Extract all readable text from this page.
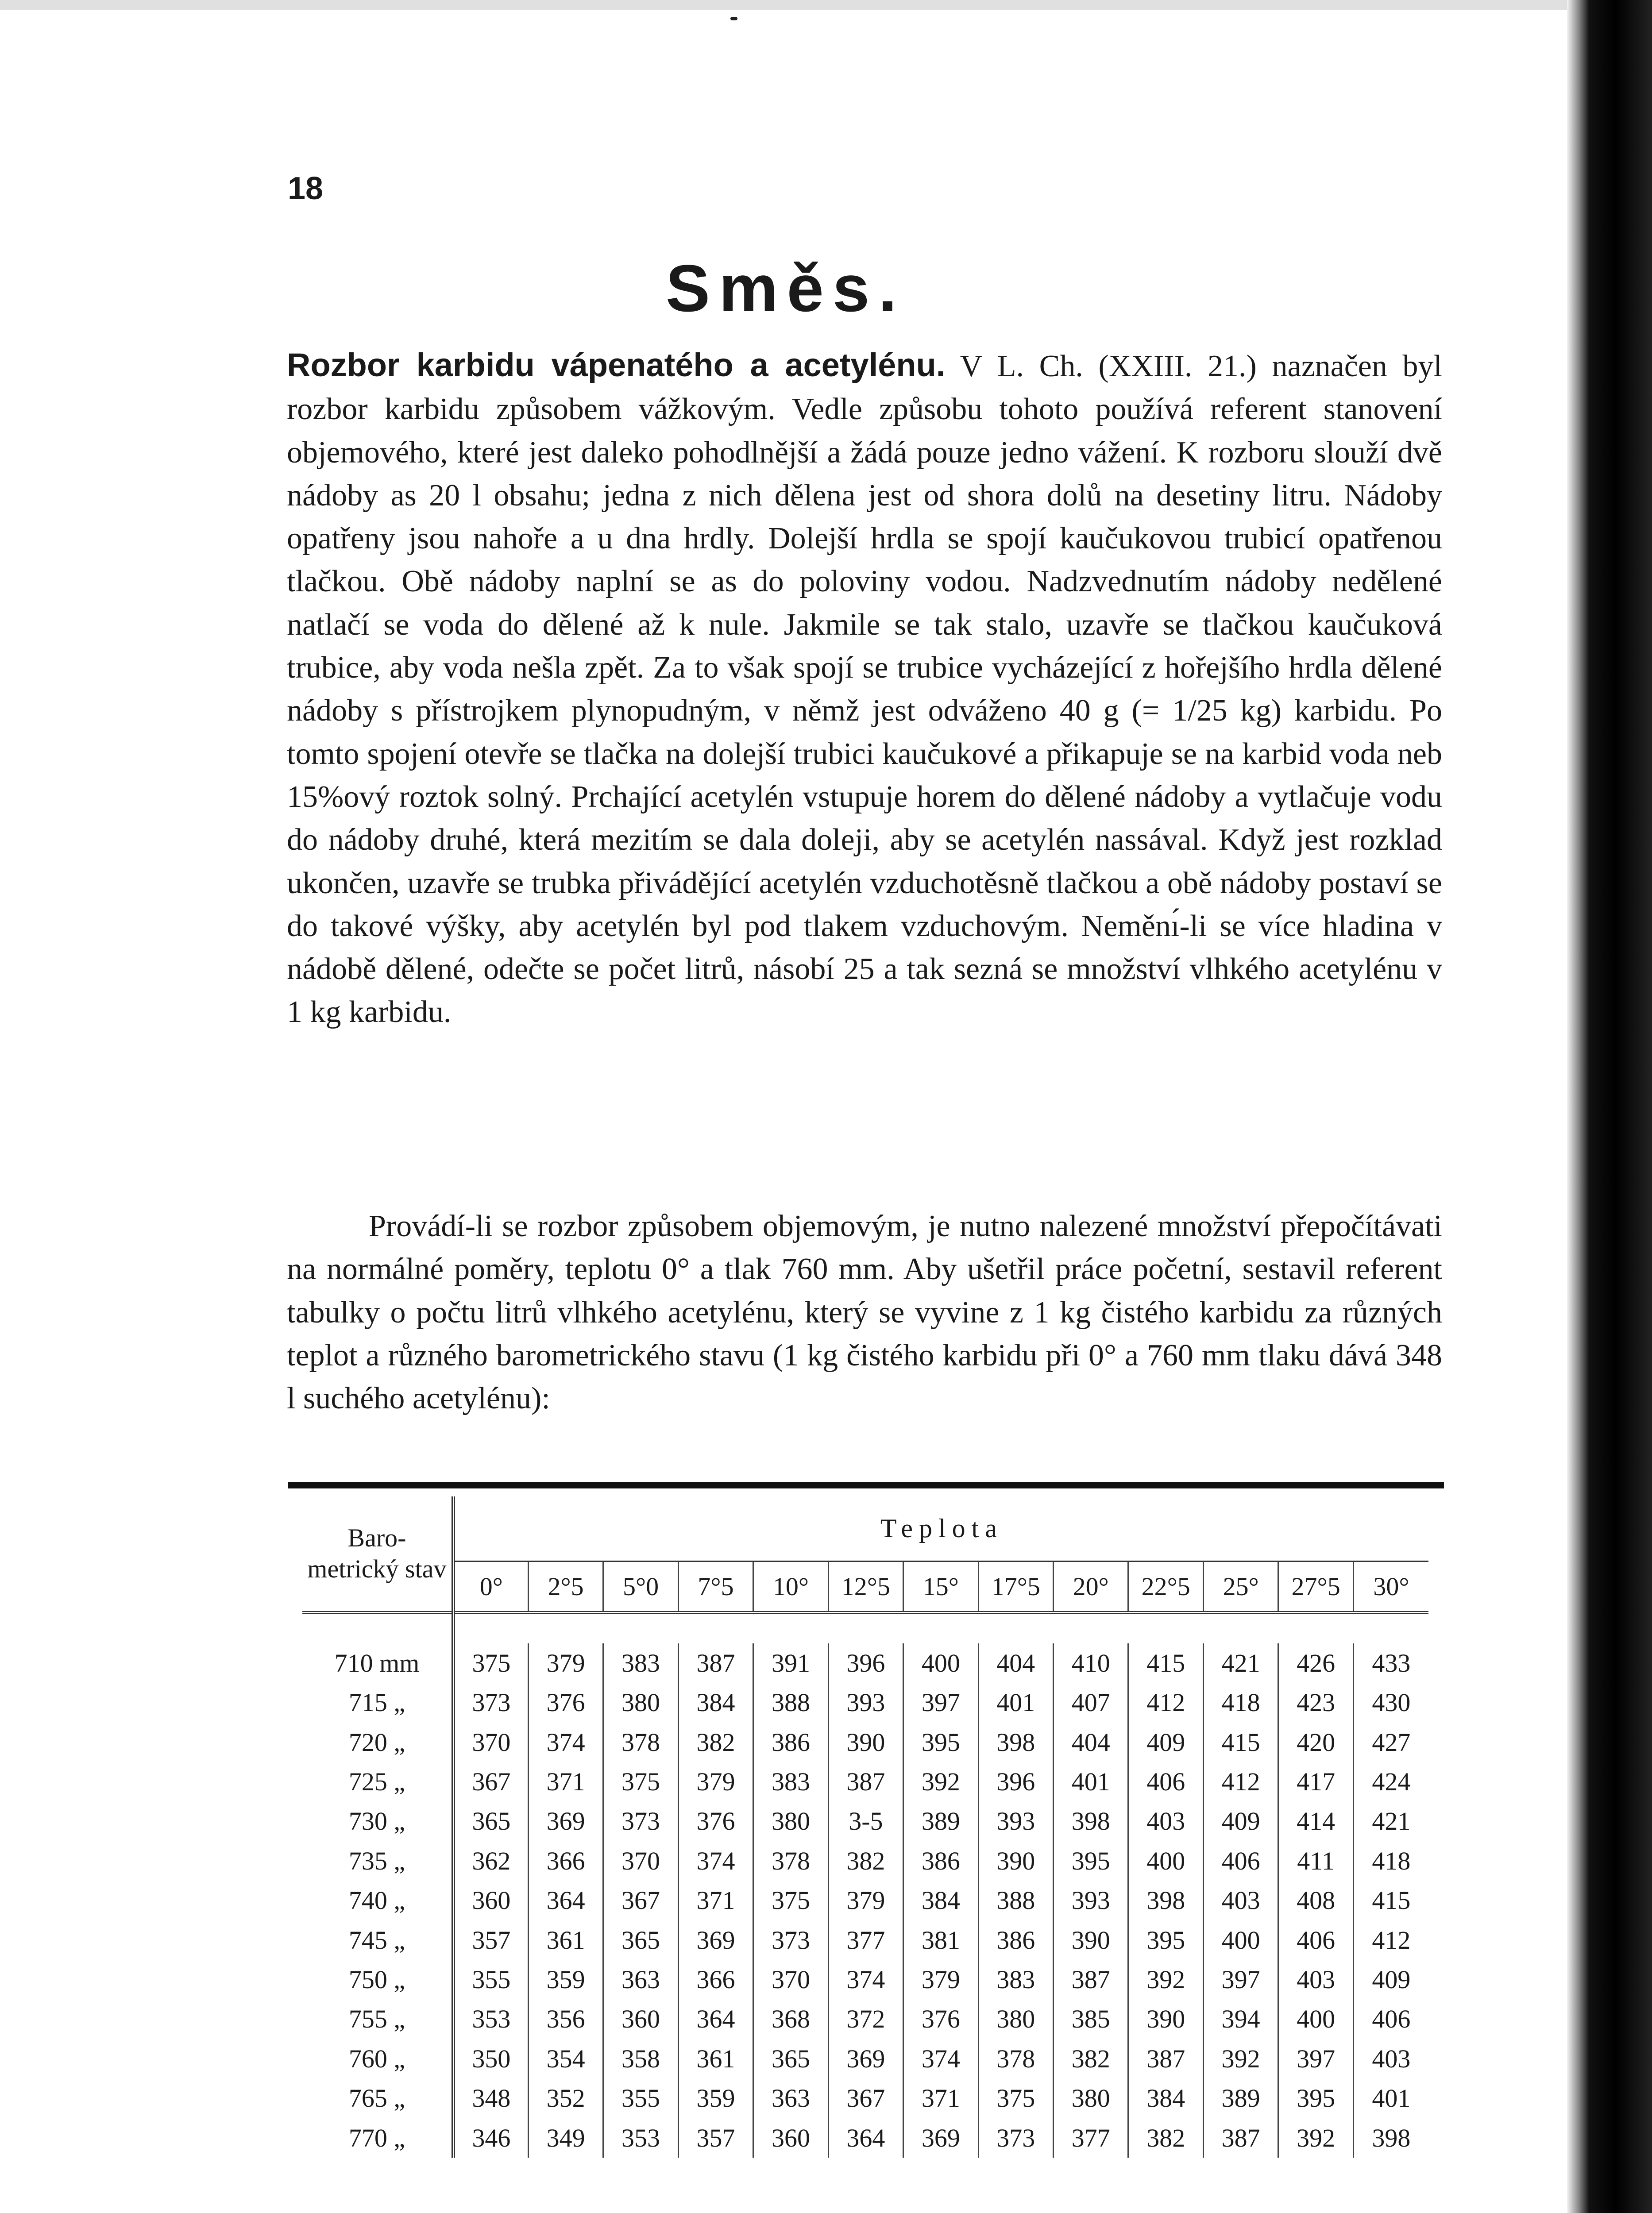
18
Směs.

Rozbor karbidu vápenatého a acetylénu. V L. Ch. (XXIII. 21.) naznačen byl rozbor karbidu způsobem vážkovým. Vedle způsobu tohoto používá referent stanovení objemového, které jest daleko pohodlnější a žádá pouze jedno vážení. K rozboru slouží dvě nádoby as 20 l obsahu; jedna z nich dělena jest od shora dolů na desetiny litru. Nádoby opatřeny jsou nahoře a u dna hrdly. Dolejší hrdla se spojí kaučukovou trubicí opatřenou tlačkou. Obě nádoby naplní se as do poloviny vodou. Nadzvednutím nádoby nedělené natlačí se voda do dělené až k nule. Jakmile se tak stalo, uzavře se tlačkou kaučuková trubice, aby voda nešla zpět. Za to však spojí se trubice vycházející z hořejšího hrdla dělené nádoby s přístrojkem plynopudným, v němž jest odváženo 40 g (= 1/25 kg) karbidu. Po tomto spojení otevře se tlačka na dolejší trubici kaučukové a přikapuje se na karbid voda neb 15%ový roztok solný. Prchající acetylén vstupuje horem do dělené nádoby a vytlačuje vodu do nádoby druhé, která mezitím se dala doleji, aby se acetylén nassával. Když jest rozklad ukončen, uzavře se trubka přivádějící acetylén vzduchotěsně tlačkou a obě nádoby postaví se do takové výšky, aby acetylén byl pod tlakem vzduchovým. Neměnı́-li se více hladina v nádobě dělené, odečte se počet litrů, násobí 25 a tak sezná se množství vlhkého acetylénu v 1 kg karbidu.

Provádí-li se rozbor způsobem objemovým, je nutno nalezené množství přepočítávati na normálné poměry, teplotu 0° a tlak 760 mm. Aby ušetřil práce početní, sestavil referent tabulky o počtu litrů vlhkého acetylénu, který se vyvine z 1 kg čistého karbidu za různých teplot a různého barometrického stavu (1 kg čistého karbidu při 0° a 760 mm tlaku dává 348 l suchého acetylénu):

Baro-metrický stav	Teplota												
	0°	2°5	5°0	7°5	10°	12°5	15°	17°5	20°	22°5	25°	27°5	30°

710 mm	375	379	383	387	391	396	400	404	410	415	421	426	433
715 „	373	376	380	384	388	393	397	401	407	412	418	423	430
720 „	370	374	378	382	386	390	395	398	404	409	415	420	427
725 „	367	371	375	379	383	387	392	396	401	406	412	417	424
730 „	365	369	373	376	380	3-5	389	393	398	403	409	414	421
735 „	362	366	370	374	378	382	386	390	395	400	406	411	418
740 „	360	364	367	371	375	379	384	388	393	398	403	408	415
745 „	357	361	365	369	373	377	381	386	390	395	400	406	412
750 „	355	359	363	366	370	374	379	383	387	392	397	403	409
755 „	353	356	360	364	368	372	376	380	385	390	394	400	406
760 „	350	354	358	361	365	369	374	378	382	387	392	397	403
765 „	348	352	355	359	363	367	371	375	380	384	389	395	401
770 „	346	349	353	357	360	364	369	373	377	382	387	392	398
